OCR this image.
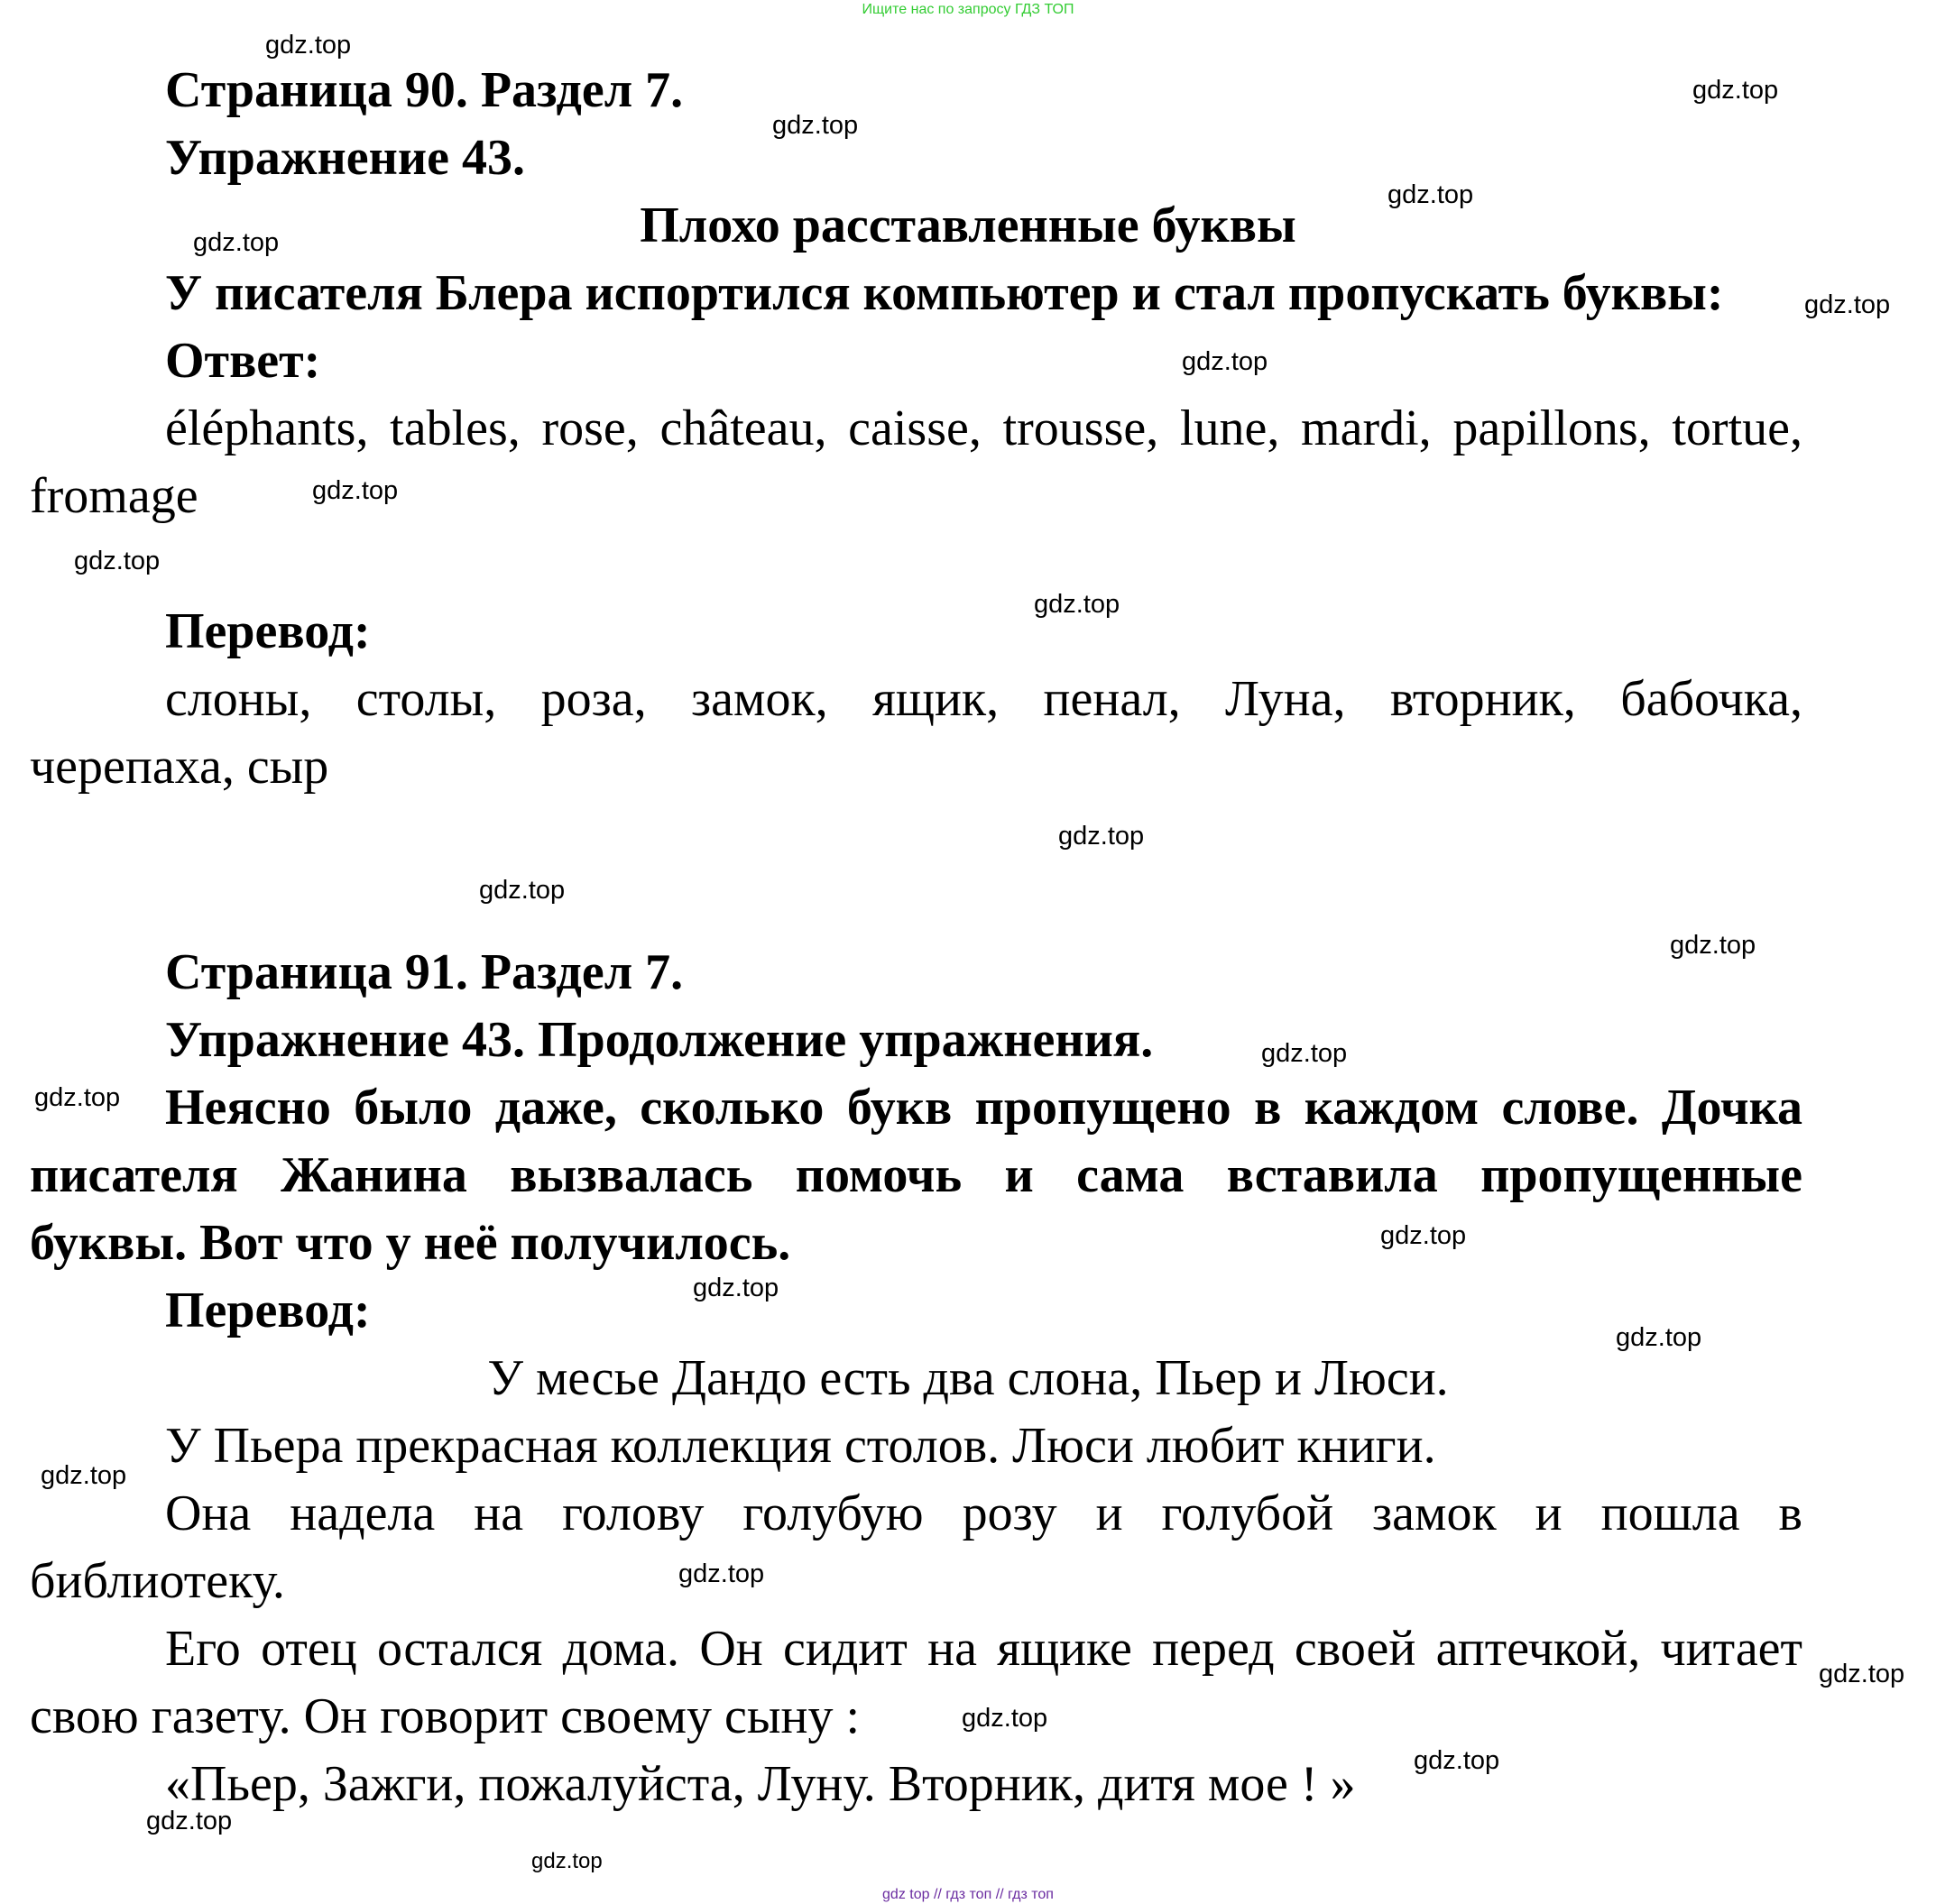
Ищите нас по запросу ГДЗ ТОП
Страница 90. Раздел 7.
Упражнение 43.
Плохо расставленные буквы
У писателя Блера испортился компьютер и стал пропускать буквы:
Ответ:
éléphants, tables, rose, château, caisse, trousse, lune, mardi, papillons, tortue,
fromage
Перевод:
слоны, столы, роза, замок, ящик, пенал, Луна, вторник, бабочка,
черепаха, сыр
Страница 91. Раздел 7.
Упражнение 43. Продолжение упражнения.
Неясно было даже, сколько букв пропущено в каждом слове. Дочка
писателя Жанина вызвалась помочь и сама вставила пропущенные
буквы. Вот что у неё получилось.
Перевод:
У месье Дандо есть два слона, Пьер и Люси.
У Пьера прекрасная коллекция столов. Люси любит книги.
Она надела на голову голубую розу и голубой замок и пошла в
библиотеку.
Его отец остался дома. Он сидит на ящике перед своей аптечкой, читает
свою газету. Он говорит своему сыну :
«Пьер, Зажги, пожалуйста, Луну. Вторник, дитя мое ! »
gdz.top
gdz.top
gdz.top
gdz.top
gdz.top
gdz.top
gdz.top
gdz.top
gdz.top
gdz.top
gdz.top
gdz.top
gdz.top
gdz.top
gdz.top
gdz.top
gdz.top
gdz.top
gdz.top
gdz.top
gdz.top
gdz.top
gdz.top
gdz.top
gdz.top
gdz top // гдз топ // гдз топ
